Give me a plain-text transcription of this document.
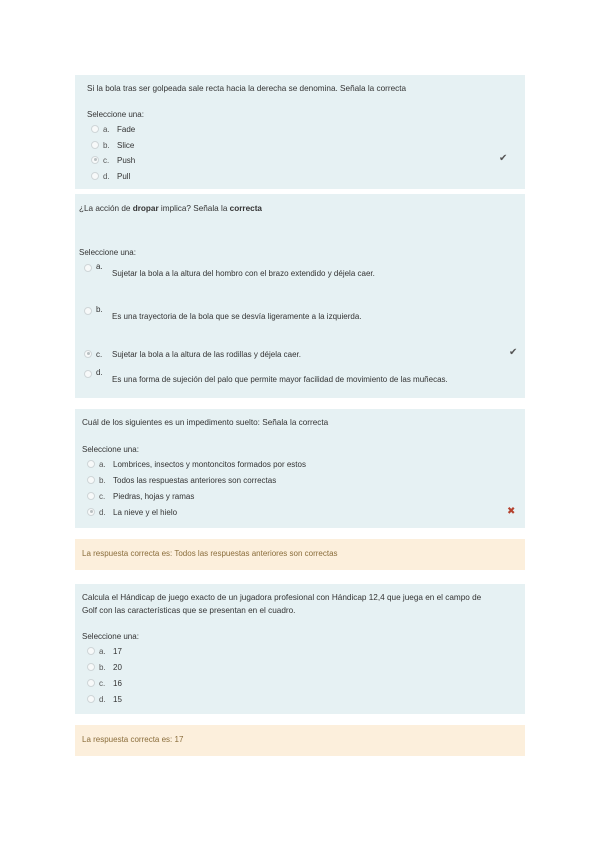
Si la bola tras ser golpeada sale recta hacia la derecha se denomina. Señala la correcta
Seleccione una:
a. Fade
b. Slice
c. Push
d. Pull
✔
¿La acción de dropar implica? Señala la correcta
Seleccione una:
a.Sujetar la bola a la altura del hombro con el brazo extendido y déjela caer.
b.Es una trayectoria de la bola que se desvía ligeramente a la izquierda.
c. Sujetar la bola a la altura de las rodillas y déjela caer.
d.Es una forma de sujeción del palo que permite mayor facilidad de movimiento de las muñecas.
✔
Cuál de los siguientes es un impedimento suelto: Señala la correcta
Seleccione una:
a. Lombrices, insectos y montoncitos formados por estos
b. Todos las respuestas anteriores son correctas
c. Piedras, hojas y ramas
d. La nieve y el hielo	✖
La respuesta correcta es: Todos las respuestas anteriores son correctas
Calcula el Hándicap de juego exacto de un jugadora profesional con Hándicap 12,4 que juega en el campo de
Golf con las características que se presentan en el cuadro.
Seleccione una:
a. 17
b. 20
c. 16
d. 15
La respuesta correcta es: 17
